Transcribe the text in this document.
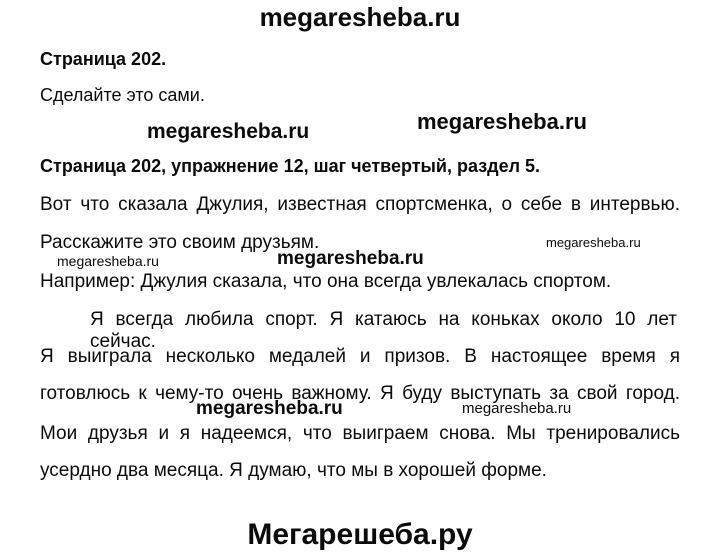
megaresheba.ru
Страница 202.
Сделайте это сами.
megaresheba.ru	megaresheba.ru
Страница 202, упражнение 12, шаг четвертый, раздел 5.
Вот что сказала Джулия, известная спортсменка, о себе в интервью.
Расскажите это своим друзьям.	megaresheba.ru
megaresheba.ru	megaresheba.ru
Например: Джулия сказала, что она всегда увлекалась спортом.
Я всегда любила спорт. Я катаюсь на коньках около 10 лет сейчас.
Я выиграла несколько медалей и призов. В настоящее время я
готовлюсь к чему-то очень важному. Я буду выступать за свой город.
megaresheba.ru	megaresheba.ru
Мои друзья и я надеемся, что выиграем снова. Мы тренировались
усердно два месяца. Я думаю, что мы в хорошей форме.
Мегарешеба.ру
